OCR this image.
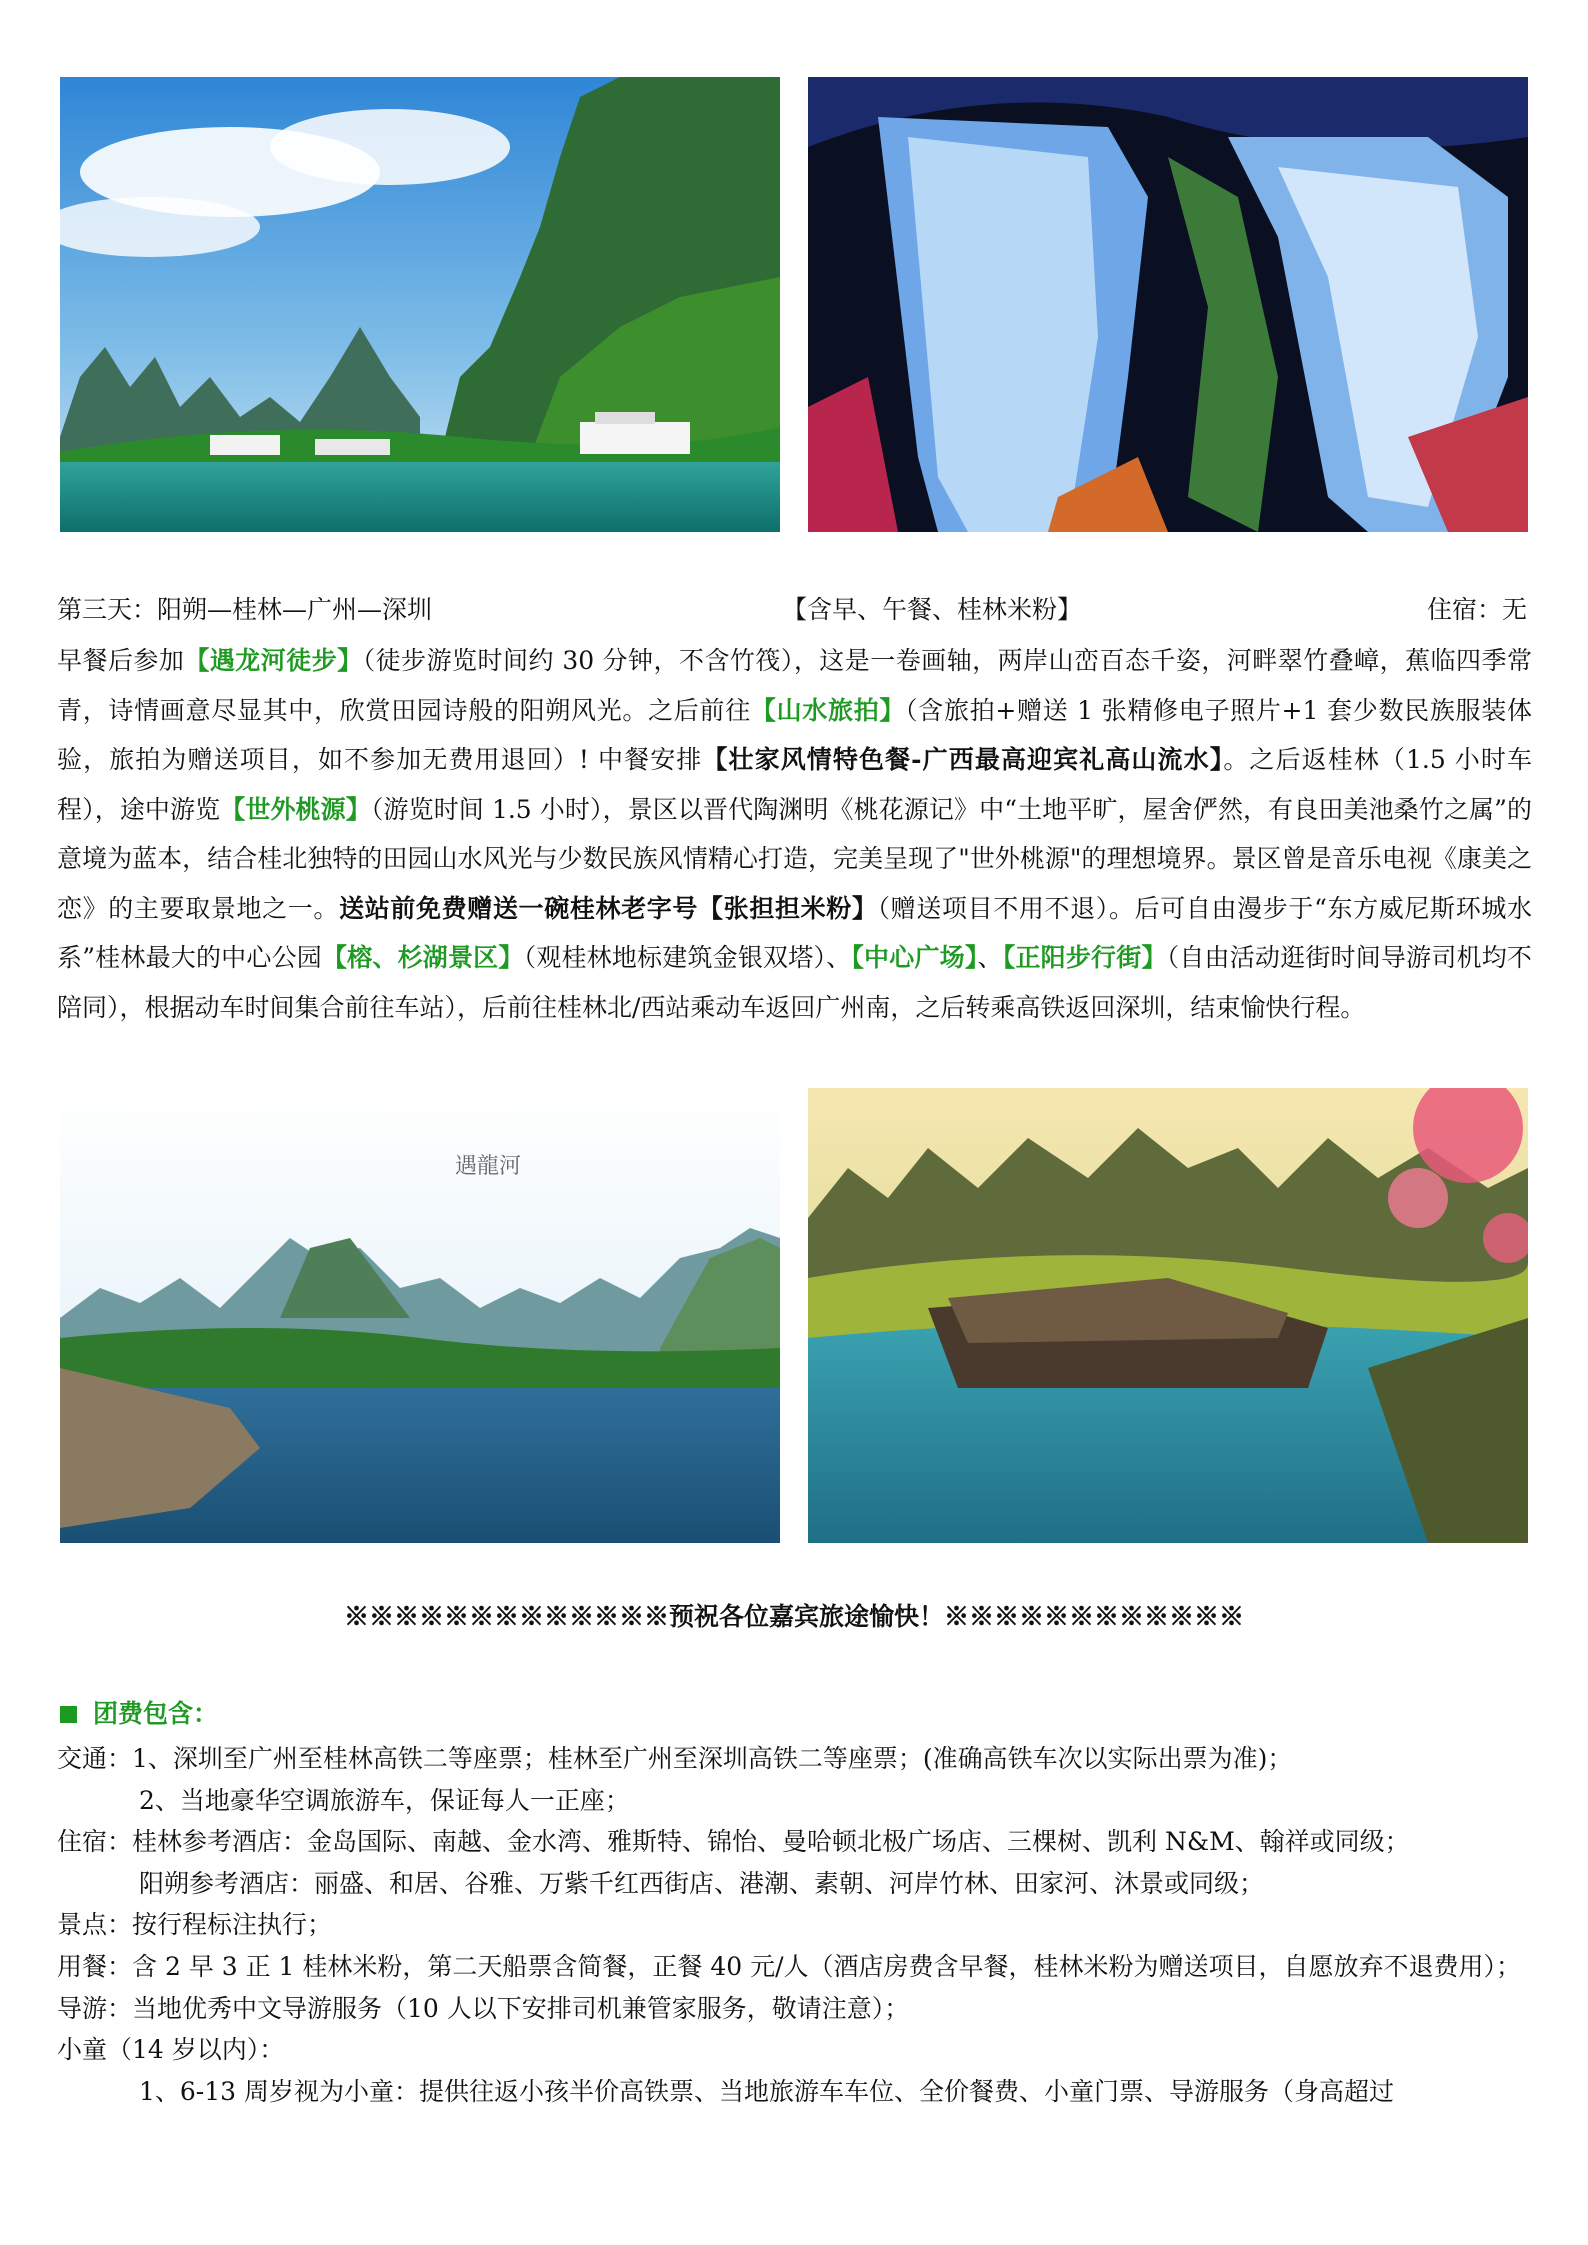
第三天：阳朔—桂林—广州—深圳	【含早、午餐、桂林米粉】	住宿：无
早餐后参加【遇龙河徒步】（徒步游览时间约 30 分钟，不含竹筏），这是一卷画轴，两岸山峦百态千姿，河畔翠竹叠嶂，蕉临四季常青，诗情画意尽显其中，欣赏田园诗般的阳朔风光。之后前往【山水旅拍】（含旅拍+赠送 1 张精修电子照片+1 套少数民族服装体验，旅拍为赠送项目，如不参加无费用退回）! 中餐安排【壮家风情特色餐-广西最高迎宾礼高山流水】。之后返桂林（1.5 小时车程），途中游览【世外桃源】（游览时间 1.5 小时），景区以晋代陶渊明《桃花源记》中“土地平旷，屋舍俨然，有良田美池桑竹之属”的意境为蓝本，结合桂北独特的田园山水风光与少数民族风情精心打造，完美呈现了"世外桃源"的理想境界。景区曾是音乐电视《康美之恋》的主要取景地之一。送站前免费赠送一碗桂林老字号【张担担米粉】（赠送项目不用不退）。后可自由漫步于“东方威尼斯环城水系”桂林最大的中心公园【榕、杉湖景区】（观桂林地标建筑金银双塔）、【中心广场】、【正阳步行街】（自由活动逛街时间导游司机均不陪同），根据动车时间集合前往车站），后前往桂林北/西站乘动车返回广州南，之后转乘高铁返回深圳，结束愉快行程。
遇龍河
※※※※※※※※※※※※※预祝各位嘉宾旅途愉快！※※※※※※※※※※※※
团费包含：
交通：1、深圳至广州至桂林高铁二等座票；桂林至广州至深圳高铁二等座票；(准确高铁车次以实际出票为准)；
2、当地豪华空调旅游车，保证每人一正座；
住宿：桂林参考酒店：金岛国际、南越、金水湾、雅斯特、锦怡、曼哈顿北极广场店、三棵树、凯利 N&M、翰祥或同级；
阳朔参考酒店：丽盛、和居、谷雅、万紫千红西街店、港潮、素朝、河岸竹林、田家河、沐景或同级；
景点：按行程标注执行；
用餐：含 2 早 3 正 1 桂林米粉，第二天船票含简餐，正餐 40 元/人（酒店房费含早餐，桂林米粉为赠送项目，自愿放弃不退费用）；
导游：当地优秀中文导游服务（10 人以下安排司机兼管家服务，敬请注意）；
小童（14 岁以内）：
1、6-13 周岁视为小童：提供往返小孩半价高铁票、当地旅游车车位、全价餐费、小童门票、导游服务（身高超过
